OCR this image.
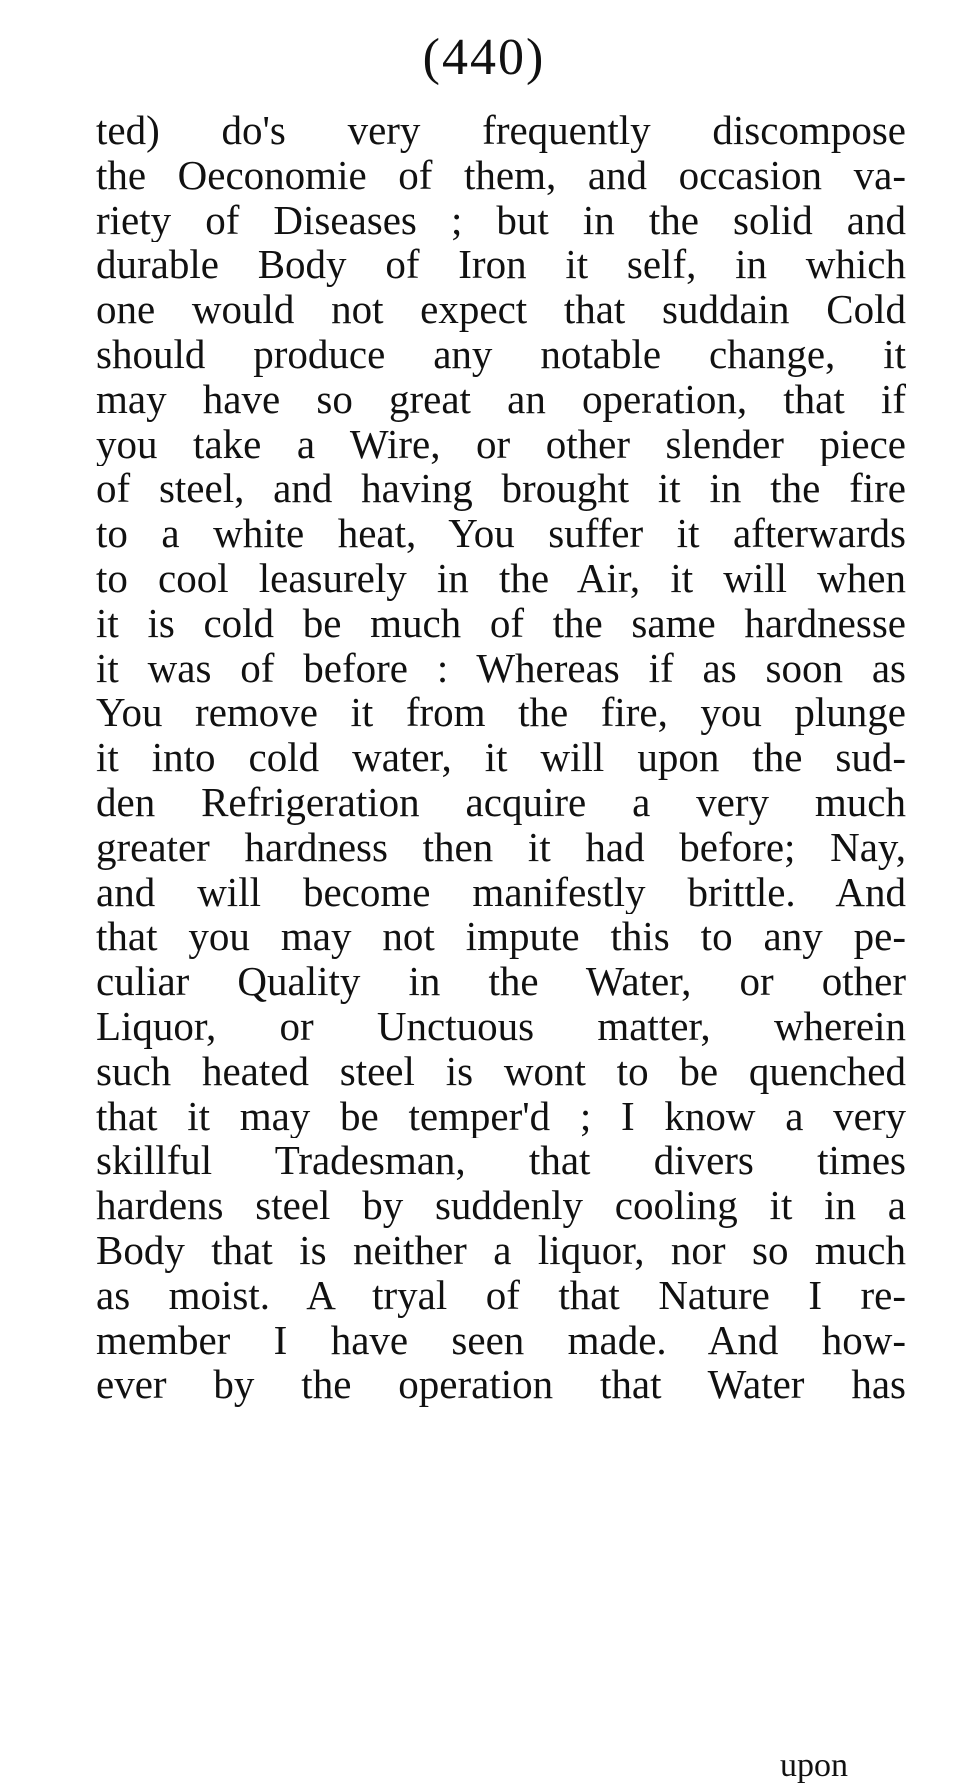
(440)
ted) do's very frequently discompose
the Oeconomie of them, and occasion va-
riety of Diseases ; but in the solid and
durable Body of Iron it self, in which
one would not expect that suddain Cold
should produce any notable change, it
may have so great an operation, that if
you take a Wire, or other slender piece
of steel, and having brought it in the fire
to a white heat, You suffer it afterwards
to cool leasurely in the Air, it will when
it is cold be much of the same hardnesse
it was of before : Whereas if as soon as
You remove it from the fire, you plunge
it into cold water, it will upon the sud-
den Refrigeration acquire a very much
greater hardness then it had before; Nay,
and will become manifestly brittle. And
that you may not impute this to any pe-
culiar Quality in the Water, or other
Liquor, or Unctuous matter, wherein
such heated steel is wont to be quenched
that it may be temper'd ; I know a very
skillful Tradesman, that divers times
hardens steel by suddenly cooling it in a
Body that is neither a liquor, nor so much
as moist. A tryal of that Nature I re-
member I have seen made. And how-
ever by the operation that Water has
upon
